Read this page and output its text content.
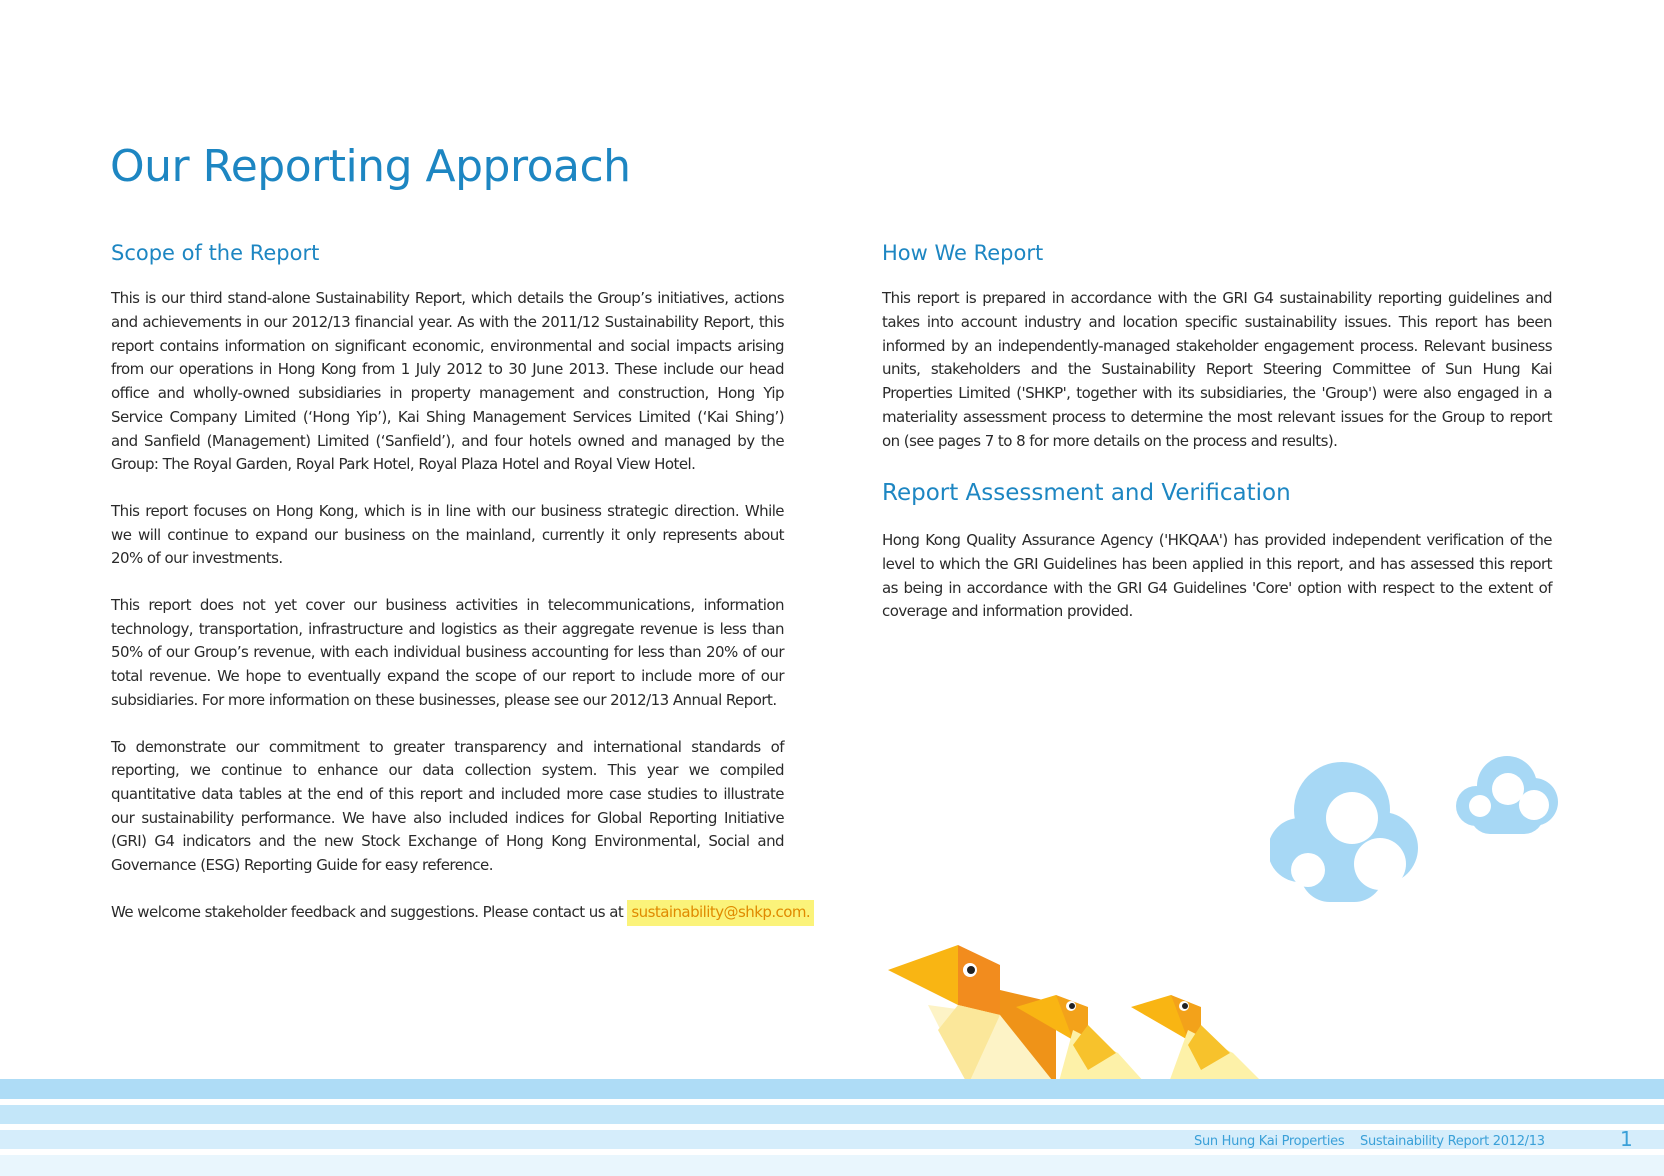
Our Reporting Approach
Scope of the Report

This is our third stand-alone Sustainability Report, which details the Group’s initiatives, actions and achievements in our 2012/13 financial year. As with the 2011/12 Sustainability Report, this report contains information on significant economic, environmental and social impacts arising from our operations in Hong Kong from 1 July 2012 to 30 June 2013. These include our head office and wholly-owned subsidiaries in property management and construction, Hong Yip Service Company Limited (‘Hong Yip’), Kai Shing Management Services Limited (‘Kai Shing’) and Sanfield (Management) Limited (‘Sanfield’), and four hotels owned and managed by the Group: The Royal Garden, Royal Park Hotel, Royal Plaza Hotel and Royal View Hotel.

This report focuses on Hong Kong, which is in line with our business strategic direction. While we will continue to expand our business on the mainland, currently it only represents about 20% of our investments.

This report does not yet cover our business activities in telecommunications, information technology, transportation, infrastructure and logistics as their aggregate revenue is less than 50% of our Group’s revenue, with each individual business accounting for less than 20% of our total revenue. We hope to eventually expand the scope of our report to include more of our subsidiaries. For more information on these businesses, please see our 2012/13 Annual Report.

To demonstrate our commitment to greater transparency and international standards of reporting, we continue to enhance our data collection system. This year we compiled quantitative data tables at the end of this report and included more case studies to illustrate our sustainability performance. We have also included indices for Global Reporting Initiative (GRI) G4 indicators and the new Stock Exchange of Hong Kong Environmental, Social and Governance (ESG) Reporting Guide for easy reference.

We welcome stakeholder feedback and suggestions. Please contact us at sustainability@shkp.com.

How We Report

This report is prepared in accordance with the GRI G4 sustainability reporting guidelines and takes into account industry and location specific sustainability issues. This report has been informed by an independently-managed stakeholder engagement process. Relevant business units, stakeholders and the Sustainability Report Steering Committee of Sun Hung Kai Properties Limited ('SHKP', together with its subsidiaries, the 'Group') were also engaged in a materiality assessment process to determine the most relevant issues for the Group to report on (see pages 7 to 8 for more details on the process and results).

Report Assessment and Verification

Hong Kong Quality Assurance Agency ('HKQAA') has provided independent verification of the level to which the GRI Guidelines has been applied in this report, and has assessed this report as being in accordance with the GRI G4 Guidelines 'Core' option with respect to the extent of coverage and information provided.

Sun Hung Kai Properties Sustainability Report 2012/13	1
